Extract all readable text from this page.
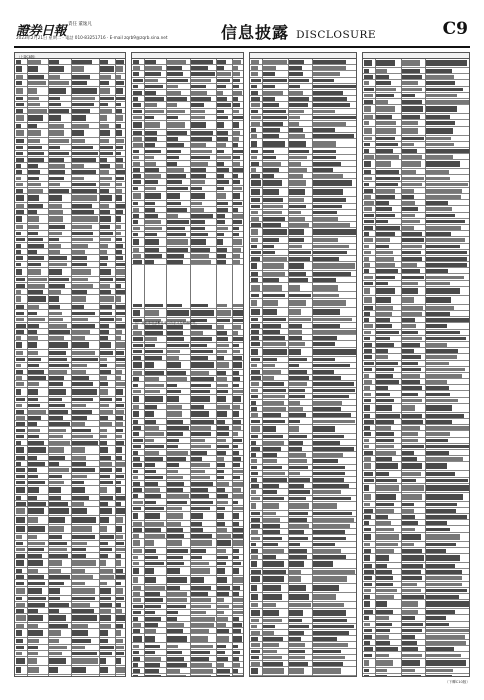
證券日報 責任 董逸凡
2023年2月21日 星期二 · 電話 010-83251716 · E-mail zqrb9@zqrb.sina.net	信息披露 DISCLOSURE	C9
（上接C8版）
注：其他事項請參見本公告正文及相關附件。
（下轉C10版）
